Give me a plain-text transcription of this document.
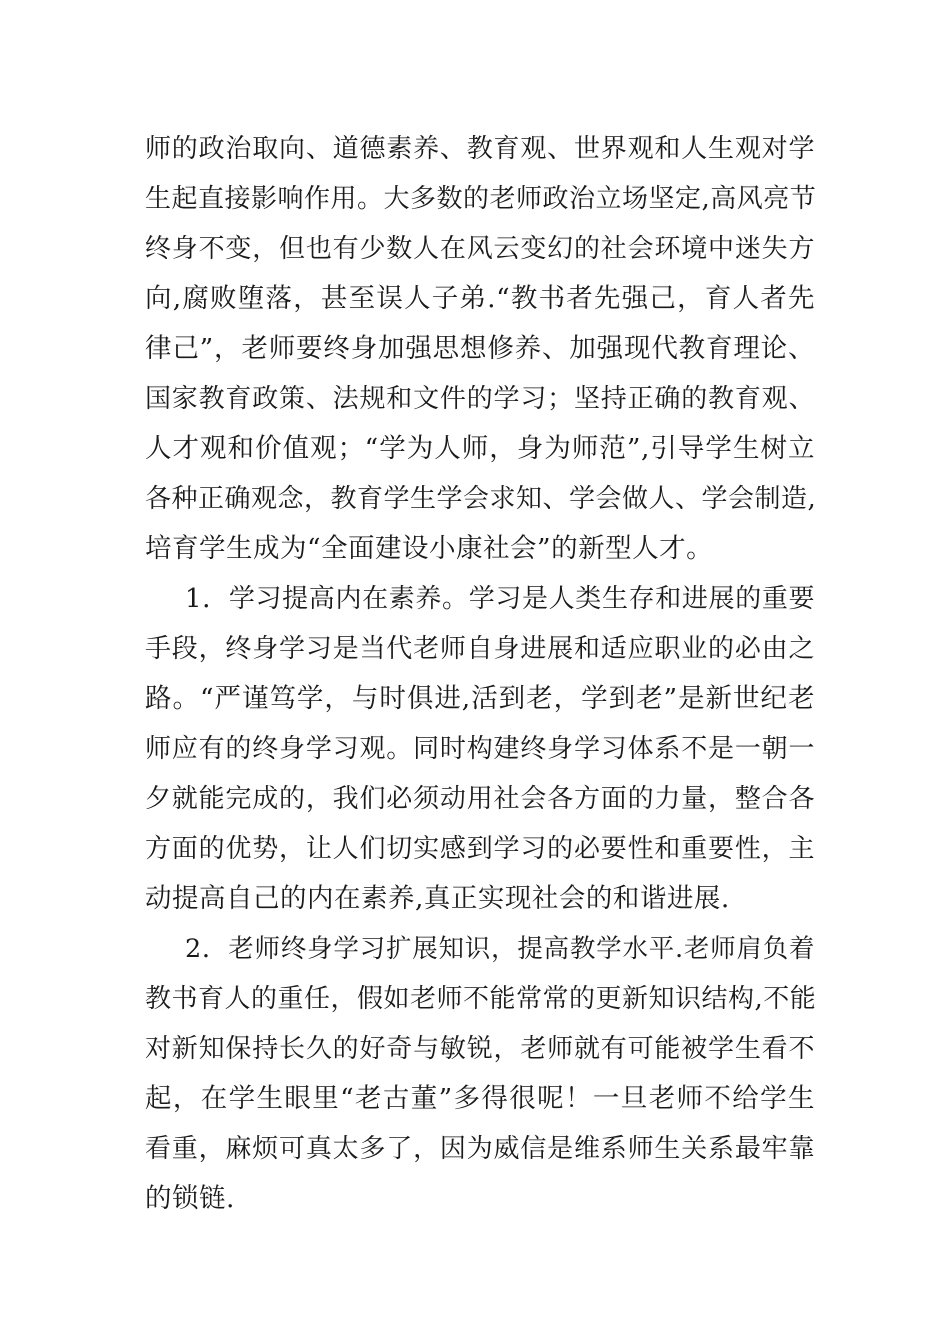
师的政治取向、道德素养、教育观、世界观和人生观对学
生起直接影响作用。大多数的老师政治立场坚定,高风亮节
终身不变，但也有少数人在风云变幻的社会环境中迷失方
向,腐败堕落，甚至误人子弟.“教书者先强己，育人者先
律己”，老师要终身加强思想修养、加强现代教育理论、
国家教育政策、法规和文件的学习；坚持正确的教育观、
人才观和价值观；“学为人师，身为师范”,引导学生树立
各种正确观念，教育学生学会求知、学会做人、学会制造,
培育学生成为“全面建设小康社会”的新型人才。
1．学习提高内在素养。学习是人类生存和进展的重要
手段，终身学习是当代老师自身进展和适应职业的必由之
路。“严谨笃学，与时俱进,活到老，学到老”是新世纪老
师应有的终身学习观。同时构建终身学习体系不是一朝一
夕就能完成的，我们必须动用社会各方面的力量，整合各
方面的优势，让人们切实感到学习的必要性和重要性，主
动提高自己的内在素养,真正实现社会的和谐进展.
2．老师终身学习扩展知识，提高教学水平.老师肩负着
教书育人的重任，假如老师不能常常的更新知识结构,不能
对新知保持长久的好奇与敏锐，老师就有可能被学生看不
起，在学生眼里“老古董”多得很呢！一旦老师不给学生
看重，麻烦可真太多了，因为威信是维系师生关系最牢靠
的锁链.
